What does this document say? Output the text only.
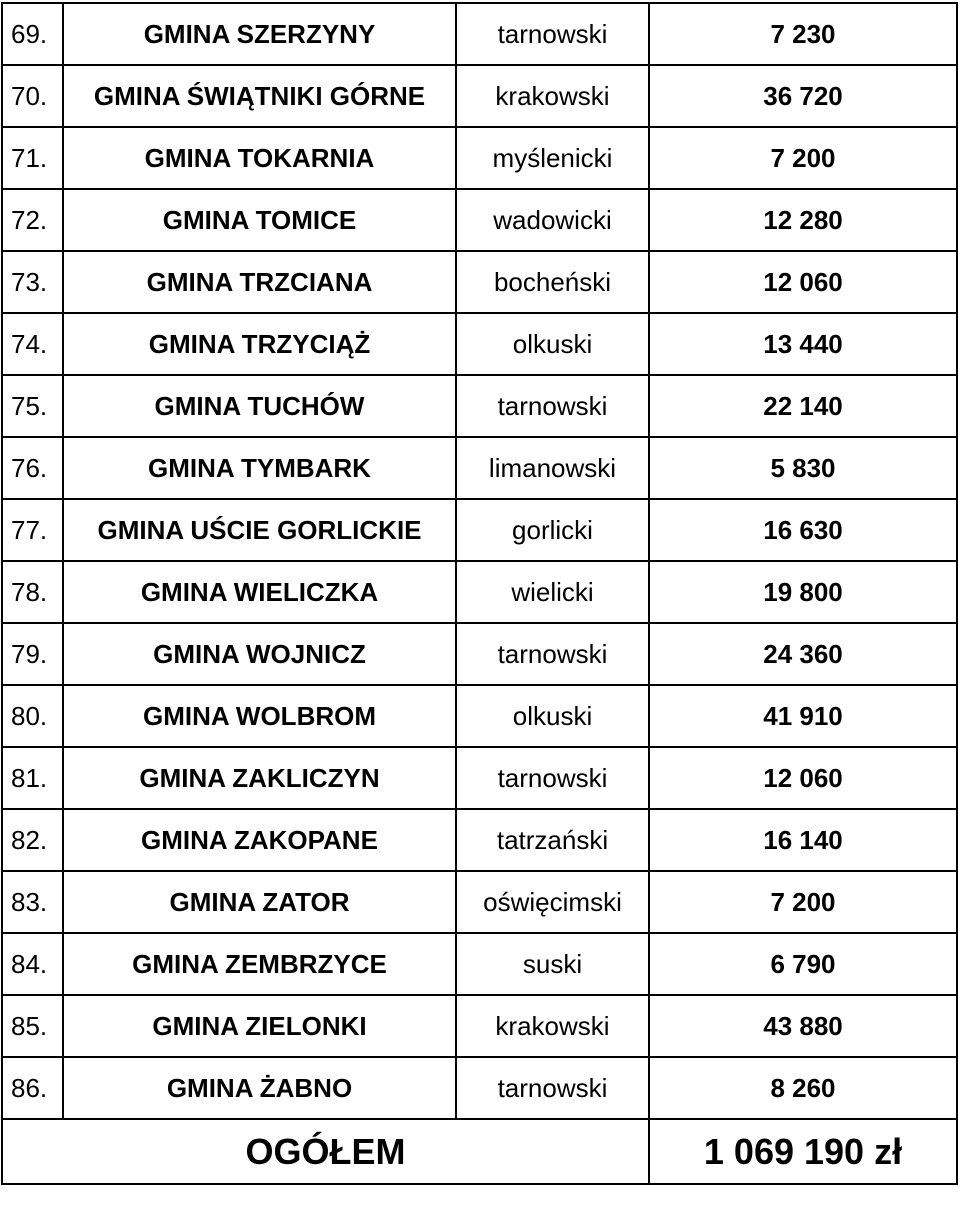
69.	GMINA SZERZYNY	tarnowski	7 230
70.	GMINA ŚWIĄTNIKI GÓRNE	krakowski	36 720
71.	GMINA TOKARNIA	myślenicki	7 200
72.	GMINA TOMICE	wadowicki	12 280
73.	GMINA TRZCIANA	bocheński	12 060
74.	GMINA TRZYCIĄŻ	olkuski	13 440
75.	GMINA TUCHÓW	tarnowski	22 140
76.	GMINA TYMBARK	limanowski	5 830
77.	GMINA UŚCIE GORLICKIE	gorlicki	16 630
78.	GMINA WIELICZKA	wielicki	19 800
79.	GMINA WOJNICZ	tarnowski	24 360
80.	GMINA WOLBROM	olkuski	41 910
81.	GMINA ZAKLICZYN	tarnowski	12 060
82.	GMINA ZAKOPANE	tatrzański	16 140
83.	GMINA ZATOR	oświęcimski	7 200
84.	GMINA ZEMBRZYCE	suski	6 790
85.	GMINA ZIELONKI	krakowski	43 880
86.	GMINA ŻABNO	tarnowski	8 260
OGÓŁEM			1 069 190 zł
